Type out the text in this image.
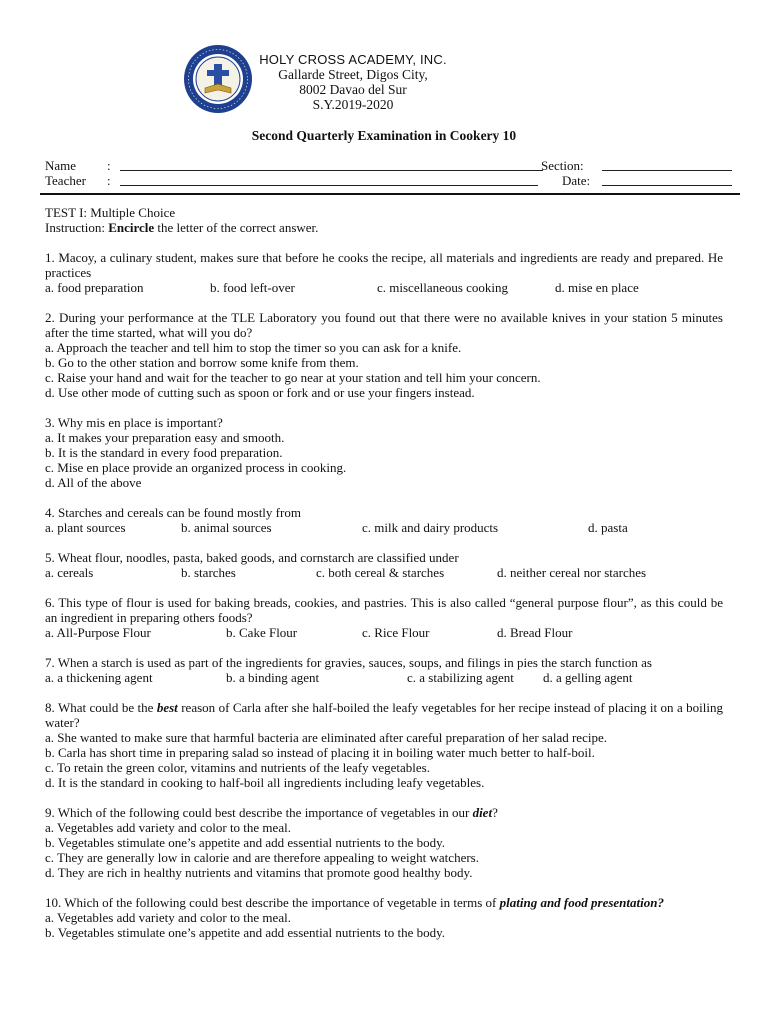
HOLY CROSS ACADEMY, INC.
Gallarde Street, Digos City,
8002 Davao del Sur
S.Y.2019-2020
Second Quarterly Examination in Cookery 10
Name :	Section:
Teacher :	Date:
TEST I: Multiple Choice
Instruction: Encircle the letter of the correct answer.
1. Macoy, a culinary student, makes sure that before he cooks the recipe, all materials and ingredients are ready and prepared. He practices
a. food preparation	b. food left-over	c. miscellaneous cooking	d. mise en place
2. During your performance at the TLE Laboratory you found out that there were no available knives in your station 5 minutes after the time started, what will you do?
a. Approach the teacher and tell him to stop the timer so you can ask for a knife.
b. Go to the other station and borrow some knife from them.
c. Raise your hand and wait for the teacher to go near at your station and tell him your concern.
d. Use other mode of cutting such as spoon or fork and or use your fingers instead.
3. Why mis en place is important?
a. It makes your preparation easy and smooth.
b. It is the standard in every food preparation.
c. Mise en place provide an organized process in cooking.
d. All of the above
4. Starches and cereals can be found mostly from
a. plant sources	b. animal sources	c. milk and dairy products	d. pasta
5. Wheat flour, noodles, pasta, baked goods, and cornstarch are classified under
a. cereals	b. starches	c. both cereal & starches	d. neither cereal nor starches
6. This type of flour is used for baking breads, cookies, and pastries. This is also called “general purpose flour”, as this could be an ingredient in preparing others foods?
a. All-Purpose Flour	b. Cake Flour	c. Rice Flour	d. Bread Flour
7. When a starch is used as part of the ingredients for gravies, sauces, soups, and filings in pies the starch function as
a. a thickening agent	b. a binding agent	c. a stabilizing agent d. a gelling agent
8. What could be the best reason of Carla after she half-boiled the leafy vegetables for her recipe instead of placing it on a boiling water?
a. She wanted to make sure that harmful bacteria are eliminated after careful preparation of her salad recipe.
b. Carla has short time in preparing salad so instead of placing it in boiling water much better to half-boil.
c. To retain the green color, vitamins and nutrients of the leafy vegetables.
d. It is the standard in cooking to half-boil all ingredients including leafy vegetables.
9. Which of the following could best describe the importance of vegetables in our diet?
a. Vegetables add variety and color to the meal.
b. Vegetables stimulate one’s appetite and add essential nutrients to the body.
c. They are generally low in calorie and are therefore appealing to weight watchers.
d. They are rich in healthy nutrients and vitamins that promote good healthy body.
10. Which of the following could best describe the importance of vegetable in terms of plating and food presentation?
a. Vegetables add variety and color to the meal.
b. Vegetables stimulate one’s appetite and add essential nutrients to the body.
